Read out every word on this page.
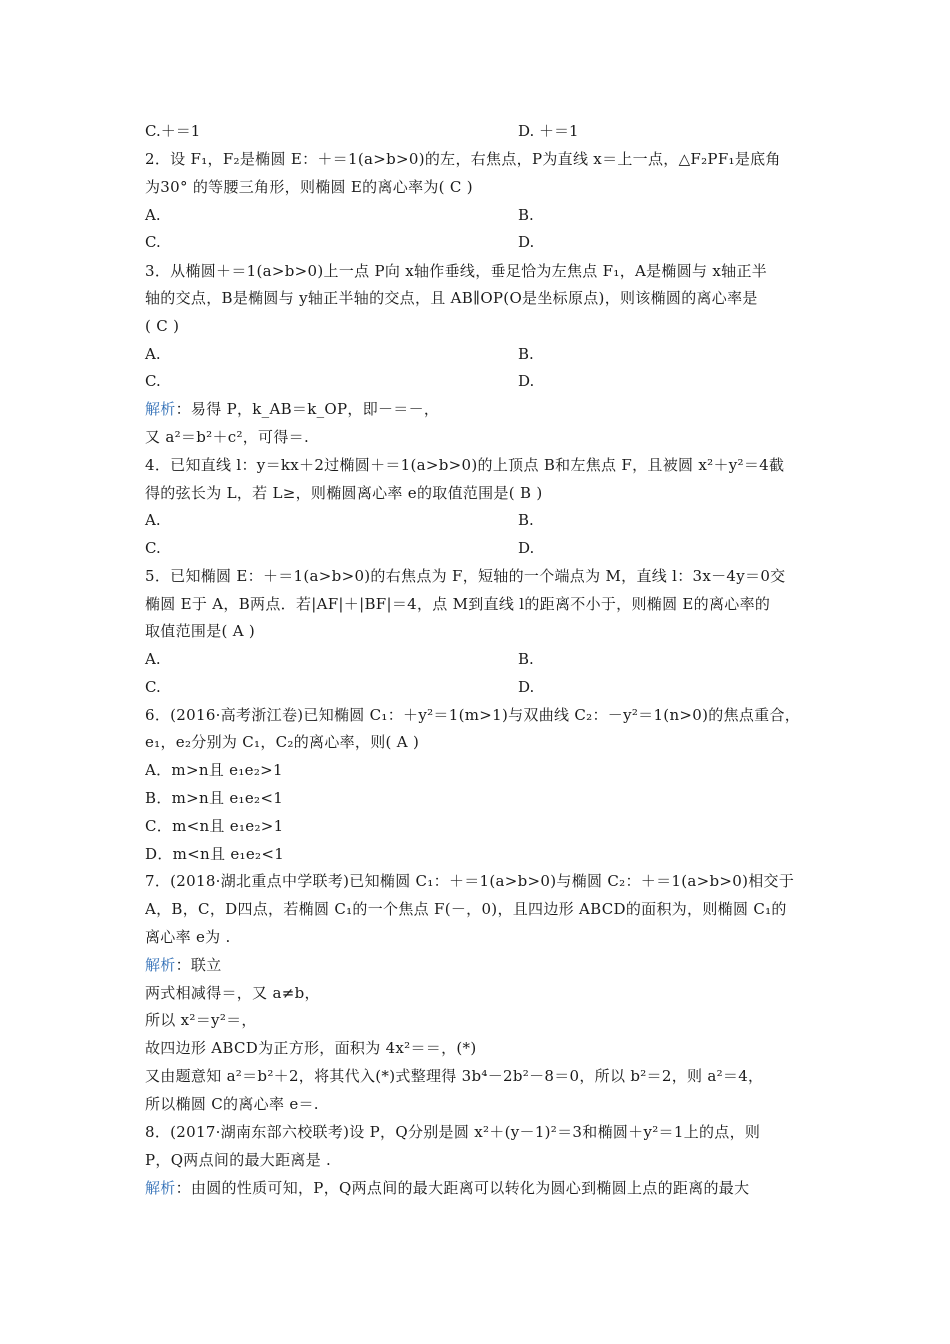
C.＋＝1	D. ＋＝1
2．设 F₁，F₂是椭圆 E：＋＝1(a>b>0)的左，右焦点，P为直线 x＝上一点，△F₂PF₁是底角
为30° 的等腰三角形，则椭圆 E的离心率为( C )
A.	B.
C.	D.
3．从椭圆＋＝1(a>b>0)上一点 P向 x轴作垂线，垂足恰为左焦点 F₁，A是椭圆与 x轴正半
轴的交点，B是椭圆与 y轴正半轴的交点，且 AB∥OP(O是坐标原点)，则该椭圆的离心率是
( C )
A.	B.
C.	D.
解析：易得 P，k_AB＝k_OP，即－＝－，
又 a²＝b²＋c²，可得＝.
4．已知直线 l：y＝kx＋2过椭圆＋＝1(a>b>0)的上顶点 B和左焦点 F，且被圆 x²＋y²＝4截
得的弦长为 L，若 L≥，则椭圆离心率 e的取值范围是( B )
A.	B.
C.	D.
5．已知椭圆 E：＋＝1(a>b>0)的右焦点为 F，短轴的一个端点为 M，直线 l：3x－4y＝0交
椭圆 E于 A，B两点．若|AF|＋|BF|＝4，点 M到直线 l的距离不小于，则椭圆 E的离心率的
取值范围是( A )
A.	B.
C.	D.
6．(2016·高考浙江卷)已知椭圆 C₁：＋y²＝1(m>1)与双曲线 C₂：－y²＝1(n>0)的焦点重合，
e₁，e₂分别为 C₁，C₂的离心率，则( A )
A．m>n且 e₁e₂>1
B．m>n且 e₁e₂<1
C．m<n且 e₁e₂>1
D．m<n且 e₁e₂<1
7．(2018·湖北重点中学联考)已知椭圆 C₁：＋＝1(a>b>0)与椭圆 C₂：＋＝1(a>b>0)相交于
A，B，C，D四点，若椭圆 C₁的一个焦点 F(－，0)，且四边形 ABCD的面积为，则椭圆 C₁的
离心率 e为 .
解析：联立
两式相减得＝，又 a≠b，
所以 x²＝y²＝，
故四边形 ABCD为正方形，面积为 4x²＝＝，(*)
又由题意知 a²＝b²＋2，将其代入(*)式整理得 3b⁴－2b²－8＝0，所以 b²＝2，则 a²＝4，
所以椭圆 C的离心率 e＝.
8．(2017·湖南东部六校联考)设 P，Q分别是圆 x²＋(y－1)²＝3和椭圆＋y²＝1上的点，则
P，Q两点间的最大距离是 .
解析：由圆的性质可知，P，Q两点间的最大距离可以转化为圆心到椭圆上点的距离的最大
